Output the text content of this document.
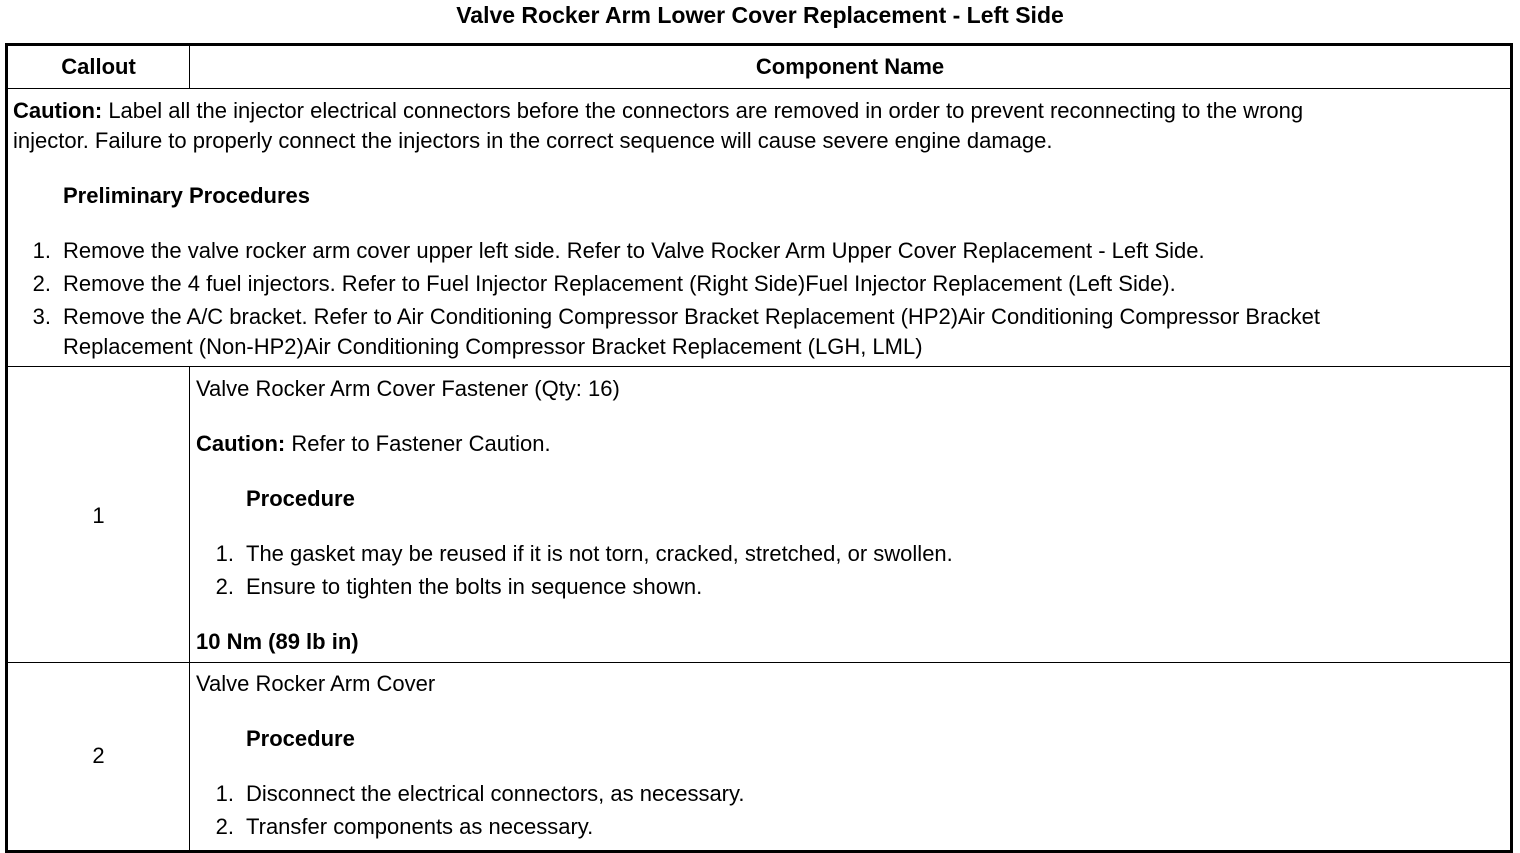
Valve Rocker Arm Lower Cover Replacement - Left Side
Callout	Component Name
Caution: Label all the injector electrical connectors before the connectors are removed in order to prevent reconnecting to the wrong
injector. Failure to properly connect the injectors in the correct sequence will cause severe engine damage.
Preliminary Procedures
1. Remove the valve rocker arm cover upper left side. Refer to Valve Rocker Arm Upper Cover Replacement - Left Side.
2. Remove the 4 fuel injectors. Refer to Fuel Injector Replacement (Right Side)Fuel Injector Replacement (Left Side).
3. Remove the A/C bracket. Refer to Air Conditioning Compressor Bracket Replacement (HP2)Air Conditioning Compressor Bracket
Replacement (Non-HP2)Air Conditioning Compressor Bracket Replacement (LGH, LML)
1
Valve Rocker Arm Cover Fastener (Qty: 16)
Caution: Refer to Fastener Caution.
Procedure
1. The gasket may be reused if it is not torn, cracked, stretched, or swollen.
2. Ensure to tighten the bolts in sequence shown.
10 Nm (89 lb in)
2
Valve Rocker Arm Cover
Procedure
1. Disconnect the electrical connectors, as necessary.
2. Transfer components as necessary.
